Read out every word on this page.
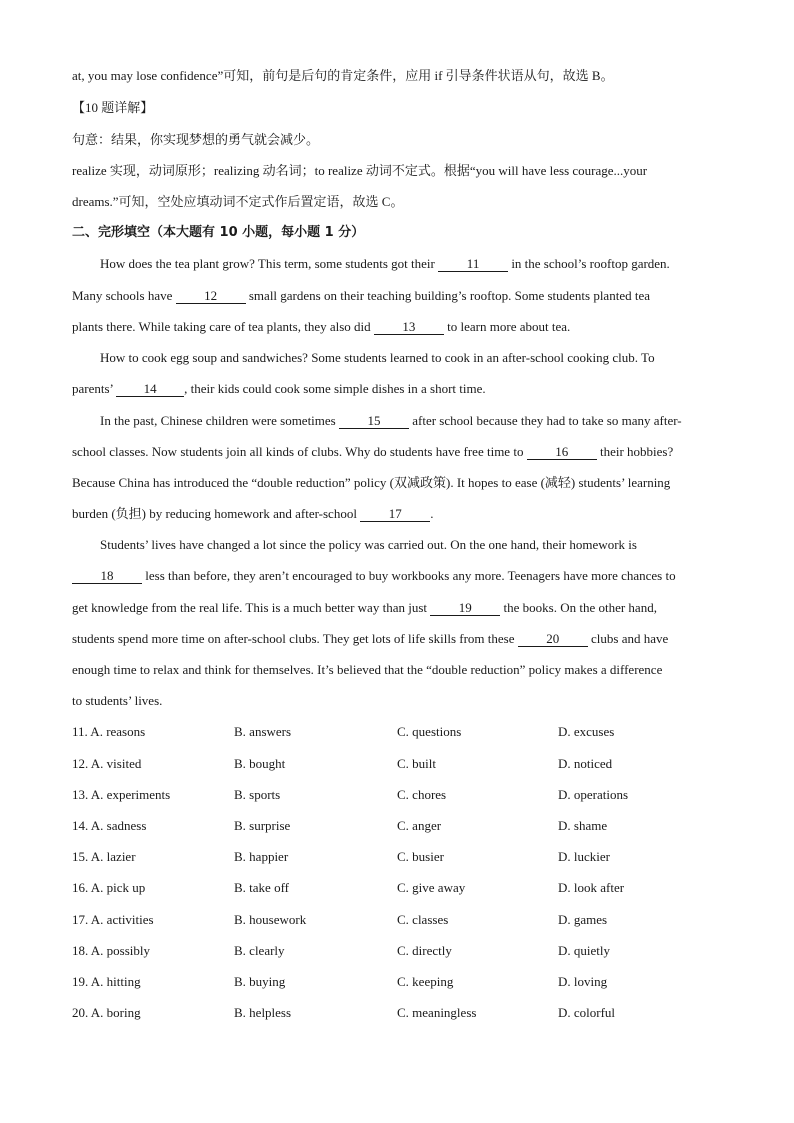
at, you may lose confidence”可知，前句是后句的肯定条件，应用 if 引导条件状语从句，故选 B。
【10 题详解】
句意：结果，你实现梦想的勇气就会减少。
realize 实现，动词原形；realizing 动名词；to realize 动词不定式。根据“you will have less courage...your
dreams.”可知，空处应填动词不定式作后置定语，故选 C。
二、完形填空（本大题有 10 小题，每小题 1 分）
How does the tea plant grow? This term, some students got their 11 in the school’s rooftop garden.
Many schools have 12 small gardens on their teaching building’s rooftop. Some students planted tea
plants there. While taking care of tea plants, they also did 13 to learn more about tea.
How to cook egg soup and sandwiches? Some students learned to cook in an after-school cooking club. To
parents’ 14 , their kids could cook some simple dishes in a short time.
In the past, Chinese children were sometimes 15 after school because they had to take so many after-
school classes. Now students join all kinds of clubs. Why do students have free time to 16 their hobbies?
Because China has introduced the “double reduction” policy (双减政策). It hopes to ease (减轻) students’ learning
burden (负担) by reducing homework and after-school 17 .
Students’ lives have changed a lot since the policy was carried out. On the one hand, their homework is
18 less than before, they aren’t encouraged to buy workbooks any more. Teenagers have more chances to
get knowledge from the real life. This is a much better way than just 19 the books. On the other hand,
students spend more time on after-school clubs. They get lots of life skills from these 20 clubs and have
enough time to relax and think for themselves. It’s believed that the “double reduction” policy makes a difference
to students’ lives.
11. A. reasons	B. answers	C. questions	D. excuses
12. A. visited	B. bought	C. built	D. noticed
13. A. experiments	B. sports	C. chores	D. operations
14. A. sadness	B. surprise	C. anger	D. shame
15. A. lazier	B. happier	C. busier	D. luckier
16. A. pick up	B. take off	C. give away	D. look after
17. A. activities	B. housework	C. classes	D. games
18. A. possibly	B. clearly	C. directly	D. quietly
19. A. hitting	B. buying	C. keeping	D. loving
20. A. boring	B. helpless	C. meaningless	D. colorful
